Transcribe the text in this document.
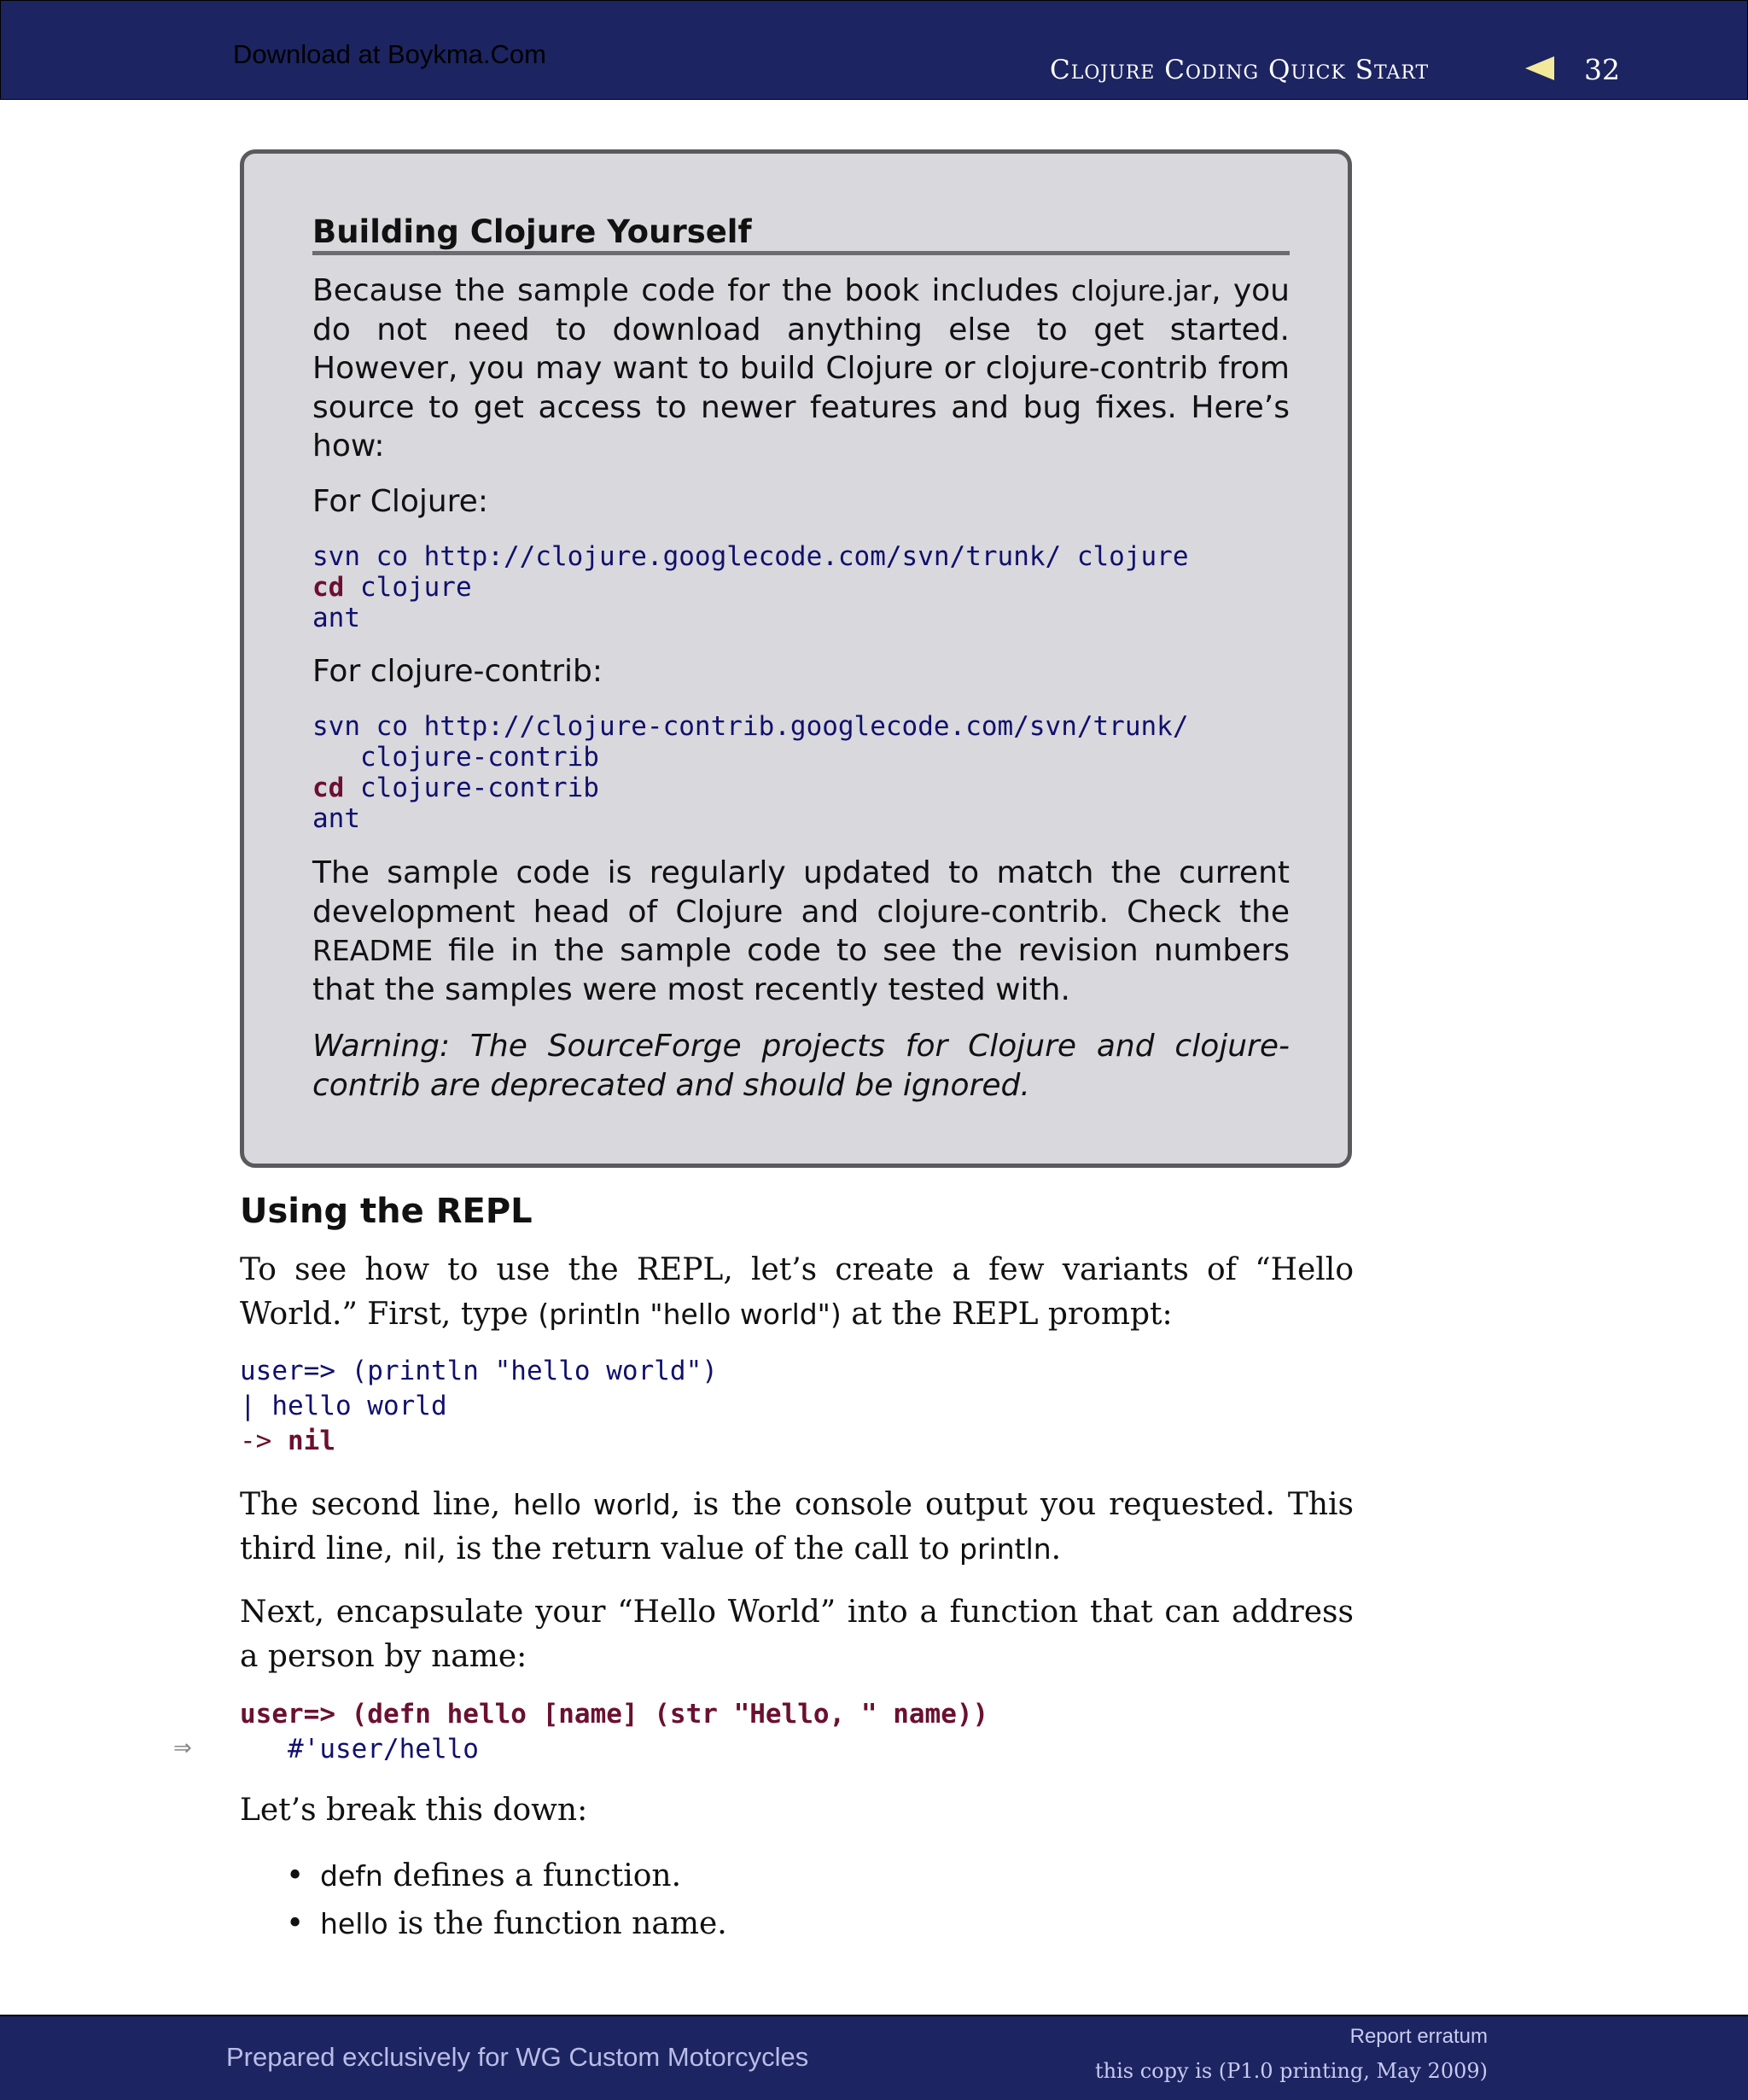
Download at Boykma.Com
Clojure Coding Quick Start	32
Building Clojure Yourself

Because the sample code for the book includes clojure.jar, you do not need to download anything else to get started. However, you may want to build Clojure or clojure-contrib from source to get access to newer features and bug fixes. Here’s how:

For Clojure:
svn co http://clojure.googlecode.com/svn/trunk/ clojure
cd clojure
ant
For clojure-contrib:
svn co http://clojure-contrib.googlecode.com/svn/trunk/
clojure-contrib
cd clojure-contrib
ant

The sample code is regularly updated to match the current development head of Clojure and clojure-contrib. Check the README file in the sample code to see the revision numbers that the samples were most recently tested with.

Warning: The SourceForge projects for Clojure and clojure-contrib are deprecated and should be ignored.

Using the REPL

To see how to use the REPL, let’s create a few variants of “Hello World.” First, type (println "hello world") at the REPL prompt:

user=> (println "hello world")
| hello world
-> nil

The second line, hello world, is the console output you requested. This third line, nil, is the return value of the call to println.

Next, encapsulate your “Hello World” into a function that can address a person by name:

⇒
user=> (defn hello [name] (str "Hello, " name))
#'user/hello

Let’s break this down:

• defn defines a function.
• hello is the function name.
Prepared exclusively for WG Custom Motorcycles
Report erratum
this copy is (P1.0 printing, May 2009)
